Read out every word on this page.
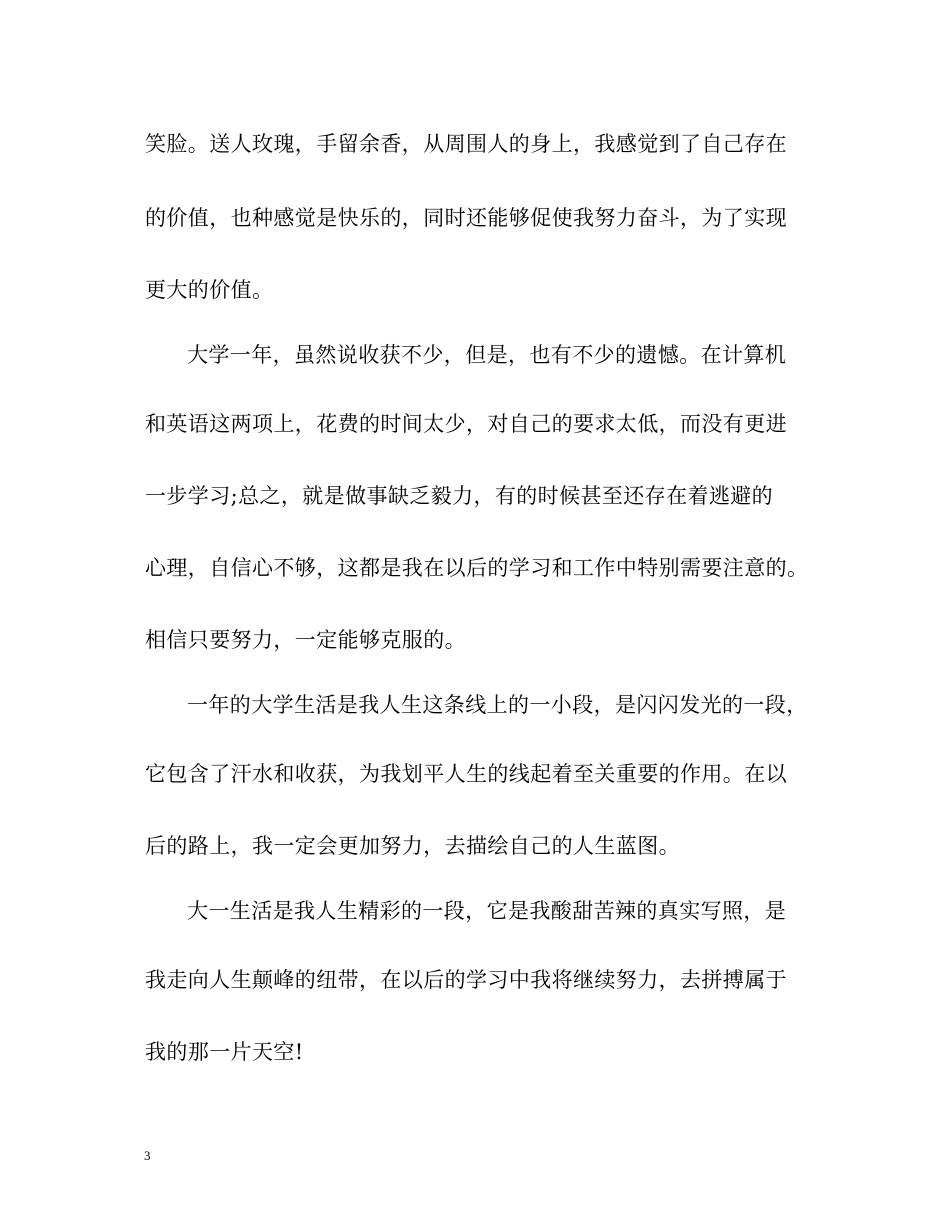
笑脸。送人玫瑰，手留余香，从周围人的身上，我感觉到了自己存在
的价值，也种感觉是快乐的，同时还能够促使我努力奋斗，为了实现
更大的价值。
大学一年，虽然说收获不少，但是，也有不少的遗憾。在计算机
和英语这两项上，花费的时间太少，对自己的要求太低，而没有更进
一步学习;总之，就是做事缺乏毅力，有的时候甚至还存在着逃避的
心理，自信心不够，这都是我在以后的学习和工作中特别需要注意的。
相信只要努力，一定能够克服的。
一年的大学生活是我人生这条线上的一小段，是闪闪发光的一段，
它包含了汗水和收获，为我划平人生的线起着至关重要的作用。在以
后的路上，我一定会更加努力，去描绘自己的人生蓝图。
大一生活是我人生精彩的一段，它是我酸甜苦辣的真实写照，是
我走向人生颠峰的纽带，在以后的学习中我将继续努力，去拼搏属于
我的那一片天空!
3
